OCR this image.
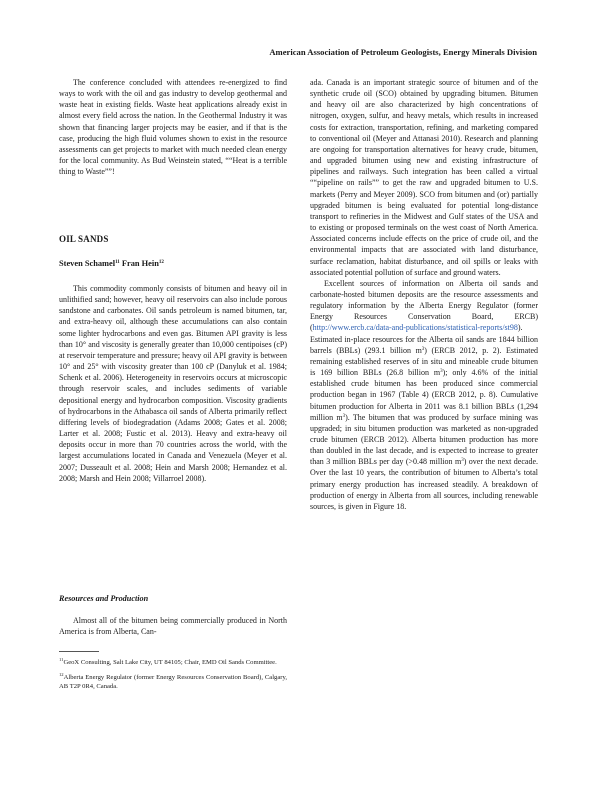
American Association of Petroleum Geologists, Energy Minerals Division

The conference concluded with attendees re-energized to find ways to work with the oil and gas industry to develop geothermal and waste heat in existing fields. Waste heat applications already exist in almost every field across the nation. In the Geothermal Industry it was shown that financing larger projects may be easier, and if that is the case, producing the high fluid volumes shown to exist in the resource assessments can get projects to market with much needed clean energy for the local community. As Bud Weinstein stated, ““Heat is a terrible thing to Waste””!

OIL SANDS
Steven Schamel$^{11}$ Fran Hein$^{12}$

This commodity commonly consists of bitumen and heavy oil in unlithified sand; however, heavy oil reservoirs can also include porous sandstone and carbonates. Oil sands petroleum is named bitumen, tar, and extra-heavy oil, although these accumulations can also contain some lighter hydrocarbons and even gas. Bitumen API gravity is less than 10° and viscosity is generally greater than 10,000 centipoises (cP) at reservoir temperature and pressure; heavy oil API gravity is between 10° and 25° with viscosity greater than 100 cP (Danyluk et al. 1984; Schenk et al. 2006). Heterogeneity in reservoirs occurs at microscopic through reservoir scales, and includes sediments of variable depositional energy and hydrocarbon composition. Viscosity gradients of hydrocarbons in the Athabasca oil sands of Alberta primarily reflect differing levels of biodegradation (Adams 2008; Gates et al. 2008; Larter et al. 2008; Fustic et al. 2013). Heavy and extra-heavy oil deposits occur in more than 70 countries across the world, with the largest accumulations located in Canada and Venezuela (Meyer et al. 2007; Dusseault et al. 2008; Hein and Marsh 2008; Hernandez et al. 2008; Marsh and Hein 2008; Villarroel 2008).

Resources and Production

Almost all of the bitumen being commercially produced in North America is from Alberta, Can-

$^{11}$GeoX Consulting, Salt Lake City, UT 84105; Chair, EMD Oil Sands Committee.

$^{12}$Alberta Energy Regulator (former Energy Resources Conservation Board), Calgary, AB T2P 0R4, Canada.

ada. Canada is an important strategic source of bitumen and of the synthetic crude oil (SCO) obtained by upgrading bitumen. Bitumen and heavy oil are also characterized by high concentrations of nitrogen, oxygen, sulfur, and heavy metals, which results in increased costs for extraction, transportation, refining, and marketing compared to conventional oil (Meyer and Attanasi 2010). Research and planning are ongoing for transportation alternatives for heavy crude, bitumen, and upgraded bitumen using new and existing infrastructure of pipelines and railways. Such integration has been called a virtual ““pipeline on rails”” to get the raw and upgraded bitumen to U.S. markets (Perry and Meyer 2009). SCO from bitumen and (or) partially upgraded bitumen is being evaluated for potential long-distance transport to refineries in the Midwest and Gulf states of the USA and to existing or proposed terminals on the west coast of North America. Associated concerns include effects on the price of crude oil, and the environmental impacts that are associated with land disturbance, surface reclamation, habitat disturbance, and oil spills or leaks with associated potential pollution of surface and ground waters.

Excellent sources of information on Alberta oil sands and carbonate-hosted bitumen deposits are the resource assessments and regulatory information by the Alberta Energy Regulator (former Energy Resources Conservation Board, ERCB) (http://www.ercb.ca/data-and-publications/statistical-reports/st98). Estimated in-place resources for the Alberta oil sands are 1844 billion barrels (BBLs) (293.1 billion $m^3$) (ERCB 2012, p. 2). Estimated remaining established reserves of in situ and mineable crude bitumen is 169 billion BBLs (26.8 billion $m^3$); only 4.6% of the initial established crude bitumen has been produced since commercial production began in 1967 (Table 4) (ERCB 2012, p. 8). Cumulative bitumen production for Alberta in 2011 was 8.1 billion BBLs (1,294 million $m^3$). The bitumen that was produced by surface mining was upgraded; in situ bitumen production was marketed as non-upgraded crude bitumen (ERCB 2012). Alberta bitumen production has more than doubled in the last decade, and is expected to increase to greater than 3 million BBLs per day (>0.48 million $m^3$) over the next decade. Over the last 10 years, the contribution of bitumen to Alberta’s total primary energy production has increased steadily. A breakdown of production of energy in Alberta from all sources, including renewable sources, is given in Figure 18.
